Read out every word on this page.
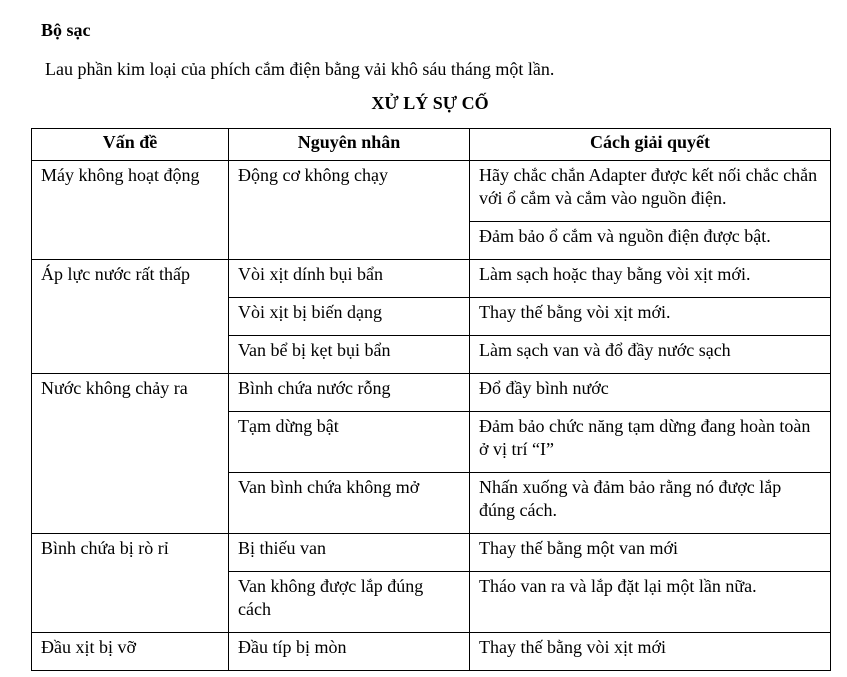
Bộ sạc
Lau phần kim loại của phích cắm điện bằng vải khô sáu tháng một lần.
XỬ LÝ SỰ CỐ
Vấn đề	Nguyên nhân	Cách giải quyết
Máy không hoạt động	Động cơ không chạy	Hãy chắc chắn Adapter được kết nối chắc chắn với ổ cắm và cắm vào nguồn điện.
		Đảm bảo ổ cắm và nguồn điện được bật.
Áp lực nước rất thấp	Vòi xịt dính bụi bẩn	Làm sạch hoặc thay bằng vòi xịt mới.
	Vòi xịt bị biến dạng	Thay thế bằng vòi xịt mới.
	Van bể bị kẹt bụi bẩn	Làm sạch van và đổ đầy nước sạch
Nước không chảy ra	Bình chứa nước rỗng	Đổ đầy bình nước
	Tạm dừng bật	Đảm bảo chức năng tạm dừng đang hoàn toàn ở vị trí “I”
	Van bình chứa không mở	Nhấn xuống và đảm bảo rằng nó được lắp đúng cách.
Bình chứa bị rò rỉ	Bị thiếu van	Thay thế bằng một van mới
	Van không được lắp đúng cách	Tháo van ra và lắp đặt lại một lần nữa.
Đầu xịt bị vỡ	Đầu típ bị mòn	Thay thế bằng vòi xịt mới
